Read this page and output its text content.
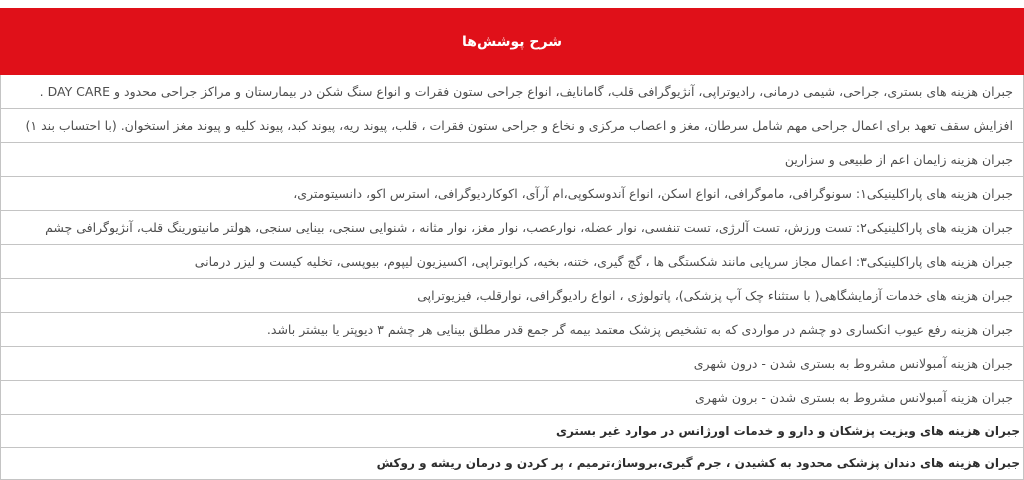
شرح پوشش‌ها
جبران هزینه های بستری، جراحی، شیمی درمانی، رادیوتراپی، آنژیوگرافی قلب، گامانایف، انواع جراحی ستون فقرات و انواع سنگ شکن در بیمارستان و مراکز جراحی محدود و DAY CARE .
افزایش سقف تعهد برای اعمال جراحی مهم شامل سرطان، مغز و اعصاب مرکزی و نخاع و جراحی ستون فقرات ، قلب، پیوند ریه، پیوند کبد، پیوند کلیه و پیوند مغز استخوان. (با احتساب بند ۱)
جبران هزینه زایمان اعم از طبیعی و سزارین
جبران هزینه های پاراکلینیکی۱: سونوگرافی، ماموگرافی، انواع اسکن، انواع آندوسکوپی،ام آرآی، اکوکاردیوگرافی، استرس اکو، دانسیتومتری،
جبران هزینه های پاراکلینیکی۲: تست ورزش، تست آلرژی، تست تنفسی، نوار عضله، نوارعصب، نوار مغز، نوار مثانه ، شنوایی سنجی، بینایی سنجی، هولتر مانیتورینگ قلب، آنژیوگرافی چشم
جبران هزینه های پاراکلینیکی۳: اعمال مجاز سرپایی مانند شکستگی ها ، گچ گیری، ختنه، بخیه، کرایوتراپی، اکسیزیون لیپوم، بیوپسی، تخلیه کیست و لیزر درمانی
جبران هزینه های خدمات آزمایشگاهی( با ستثناء چک آپ پزشکی)، پاتولوژی ، انواع رادیوگرافی، نوارقلب، فیزیوتراپی
جبران هزینه رفع عیوب انکساری دو چشم در مواردی که به تشخیص پزشک معتمد بیمه گر جمع قدر مطلق بینایی هر چشم ۳ دیوپتر یا بیشتر باشد.
جبران هزینه آمبولانس مشروط به بستری شدن - درون شهری
جبران هزینه آمبولانس مشروط به بستری شدن - برون شهری
جبران هزینه های ویزیت پزشکان و دارو و خدمات اورژانس در موارد غیر بستری
جبران هزینه های دندان پزشکی محدود به کشیدن ، جرم گیری،بروساژ،ترمیم ، پر کردن و درمان ریشه و روکش
